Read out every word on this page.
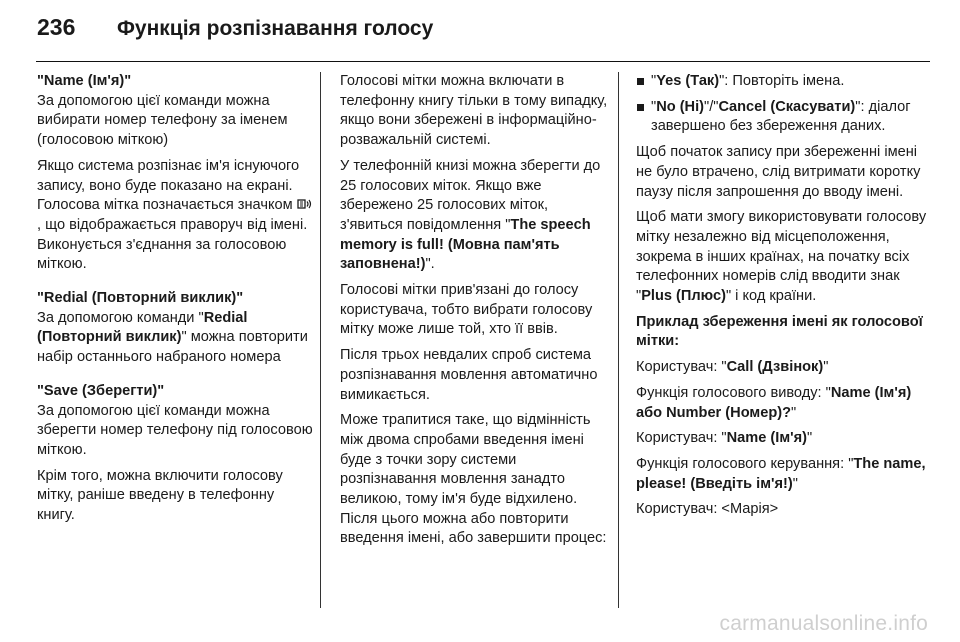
236	Функція розпізнавання голосу

"Name (Ім'я)"

За допомогою цієї команди можна вибирати номер телефону за іменем (голосовою міткою)

Якщо система розпізнає ім'я існуючого запису, воно буде показано на екрані. Голосова мітка позначається значком , що відображається праворуч від імені. Виконується з'єднання за голосовою міткою.

"Redial (Повторний виклик)"

За допомогою команди "Redial (Повторний виклик)" можна повторити набір останнього набраного номера

"Save (Зберегти)"

За допомогою цієї команди можна зберегти номер телефону під голосовою міткою.

Крім того, можна включити голосову мітку, раніше введену в телефонну книгу.

Голосові мітки можна включати в телефонну книгу тільки в тому випадку, якщо вони збережені в інформаційно-розважальній системі.

У телефонній книзі можна зберегти до 25 голосових міток. Якщо вже збережено 25 голосових міток, з'явиться повідомлення "The speech memory is full! (Мовна пам'ять заповнена!)".

Голосові мітки прив'язані до голосу користувача, тобто вибрати голосову мітку може лише той, хто її ввів.

Після трьох невдалих спроб система розпізнавання мовлення автоматично вимикається.

Може трапитися таке, що відмінність між двома спробами введення імені буде з точки зору системи розпізнавання мовлення занадто великою, тому ім'я буде відхилено. Після цього можна або повторити введення імені, або завершити процес:

"Yes (Так)": Повторіть імена.

"No (Ні)"/"Cancel (Скасувати)": діалог завершено без збереження даних.

Щоб початок запису при збереженні імені не було втрачено, слід витримати коротку паузу після запрошення до вводу імені.

Щоб мати змогу використовувати голосову мітку незалежно від місцеположення, зокрема в інших країнах, на початку всіх телефонних номерів слід вводити знак "Plus (Плюс)" і код країни.

Приклад збереження імені як голосової мітки:

Користувач: "Call (Дзвінок)"

Функція голосового виводу: "Name (Ім'я) або Number (Номер)?"

Користувач: "Name (Ім'я)"

Функція голосового керування: "The name, please! (Введіть ім'я!)"

Користувач: <Марія>

carmanualsonline.info
